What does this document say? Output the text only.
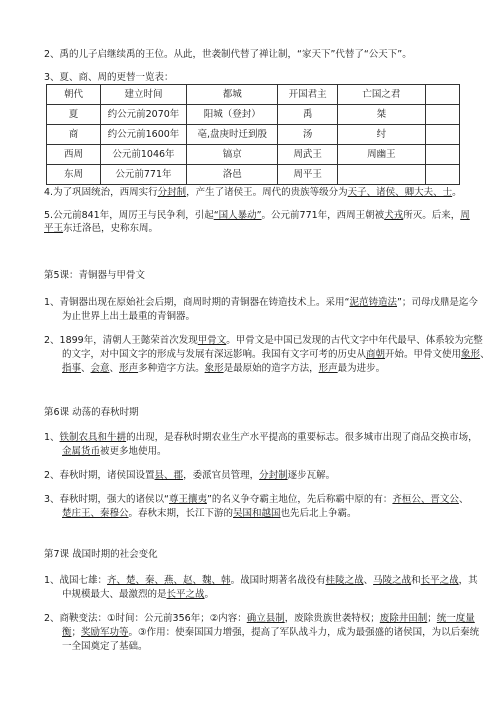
2、禹的儿子启继续禹的王位。从此，世袭制代替了禅让制，“家天下”代替了“公天下”。
3、夏、商、周的更替一览表：
朝代	建立时间	都城	开国君主	亡国之君	
夏	约公元前2070年	阳城（登封）	禹	桀	
商	约公元前1600年	亳,盘庚时迁到殷	汤	纣	
西周	公元前1046年	镐京	周武王	周幽王	
东周	公元前771年	洛邑	周平王		
4.为了巩固统治，西周实行分封制，产生了诸侯王。周代的贵族等级分为天子、诸侯、卿大夫、士。
5.公元前841年，周厉王与民争利，引起“国人暴动”。公元前771年，西周王朝被犬戎所灭。后来，周
平王东迁洛邑，史称东周。
第5课：青铜器与甲骨文
1、青铜器出现在原始社会后期，商周时期的青铜器在铸造技术上。采用“泥范铸造法”；司母戊鼎是迄今
为止世界上出土最重的青铜器。
2、1899年，清朝人王懿荣首次发现甲骨文。甲骨文是中国已发现的古代文字中年代最早、体系较为完整
的文字，对中国文字的形成与发展有深远影响。我国有文字可考的历史从商朝开始。甲骨文使用象形、
指事、会意、形声多种造字方法。象形是最原始的造字方法，形声最为进步。
第6课 动荡的春秋时期
1、铁制农具和牛耕的出现，是春秋时期农业生产水平提高的重要标志。很多城市出现了商品交换市场，
金属货币被更多地使用。
2、春秋时期，诸侯国设置县、郡，委派官员管理，分封制逐步瓦解。
3、春秋时期，强大的诸侯以“尊王攘夷”的名义争夺霸主地位，先后称霸中原的有：齐桓公、晋文公、
楚庄王、秦穆公。春秋末期，长江下游的吴国和越国也先后北上争霸。
第7课 战国时期的社会变化
1、战国七雄：齐、楚、秦、燕、赵、魏、韩。战国时期著名战役有桂陵之战、马陵之战和长平之战，其
中规模最大、最激烈的是长平之战。
2、商鞅变法：①时间：公元前356年；②内容：确立县制，废除贵族世袭特权；废除井田制；统一度量
衡；奖励军功等。③作用：使秦国国力增强，提高了军队战斗力，成为最强盛的诸侯国，为以后秦统
一全国奠定了基础。
